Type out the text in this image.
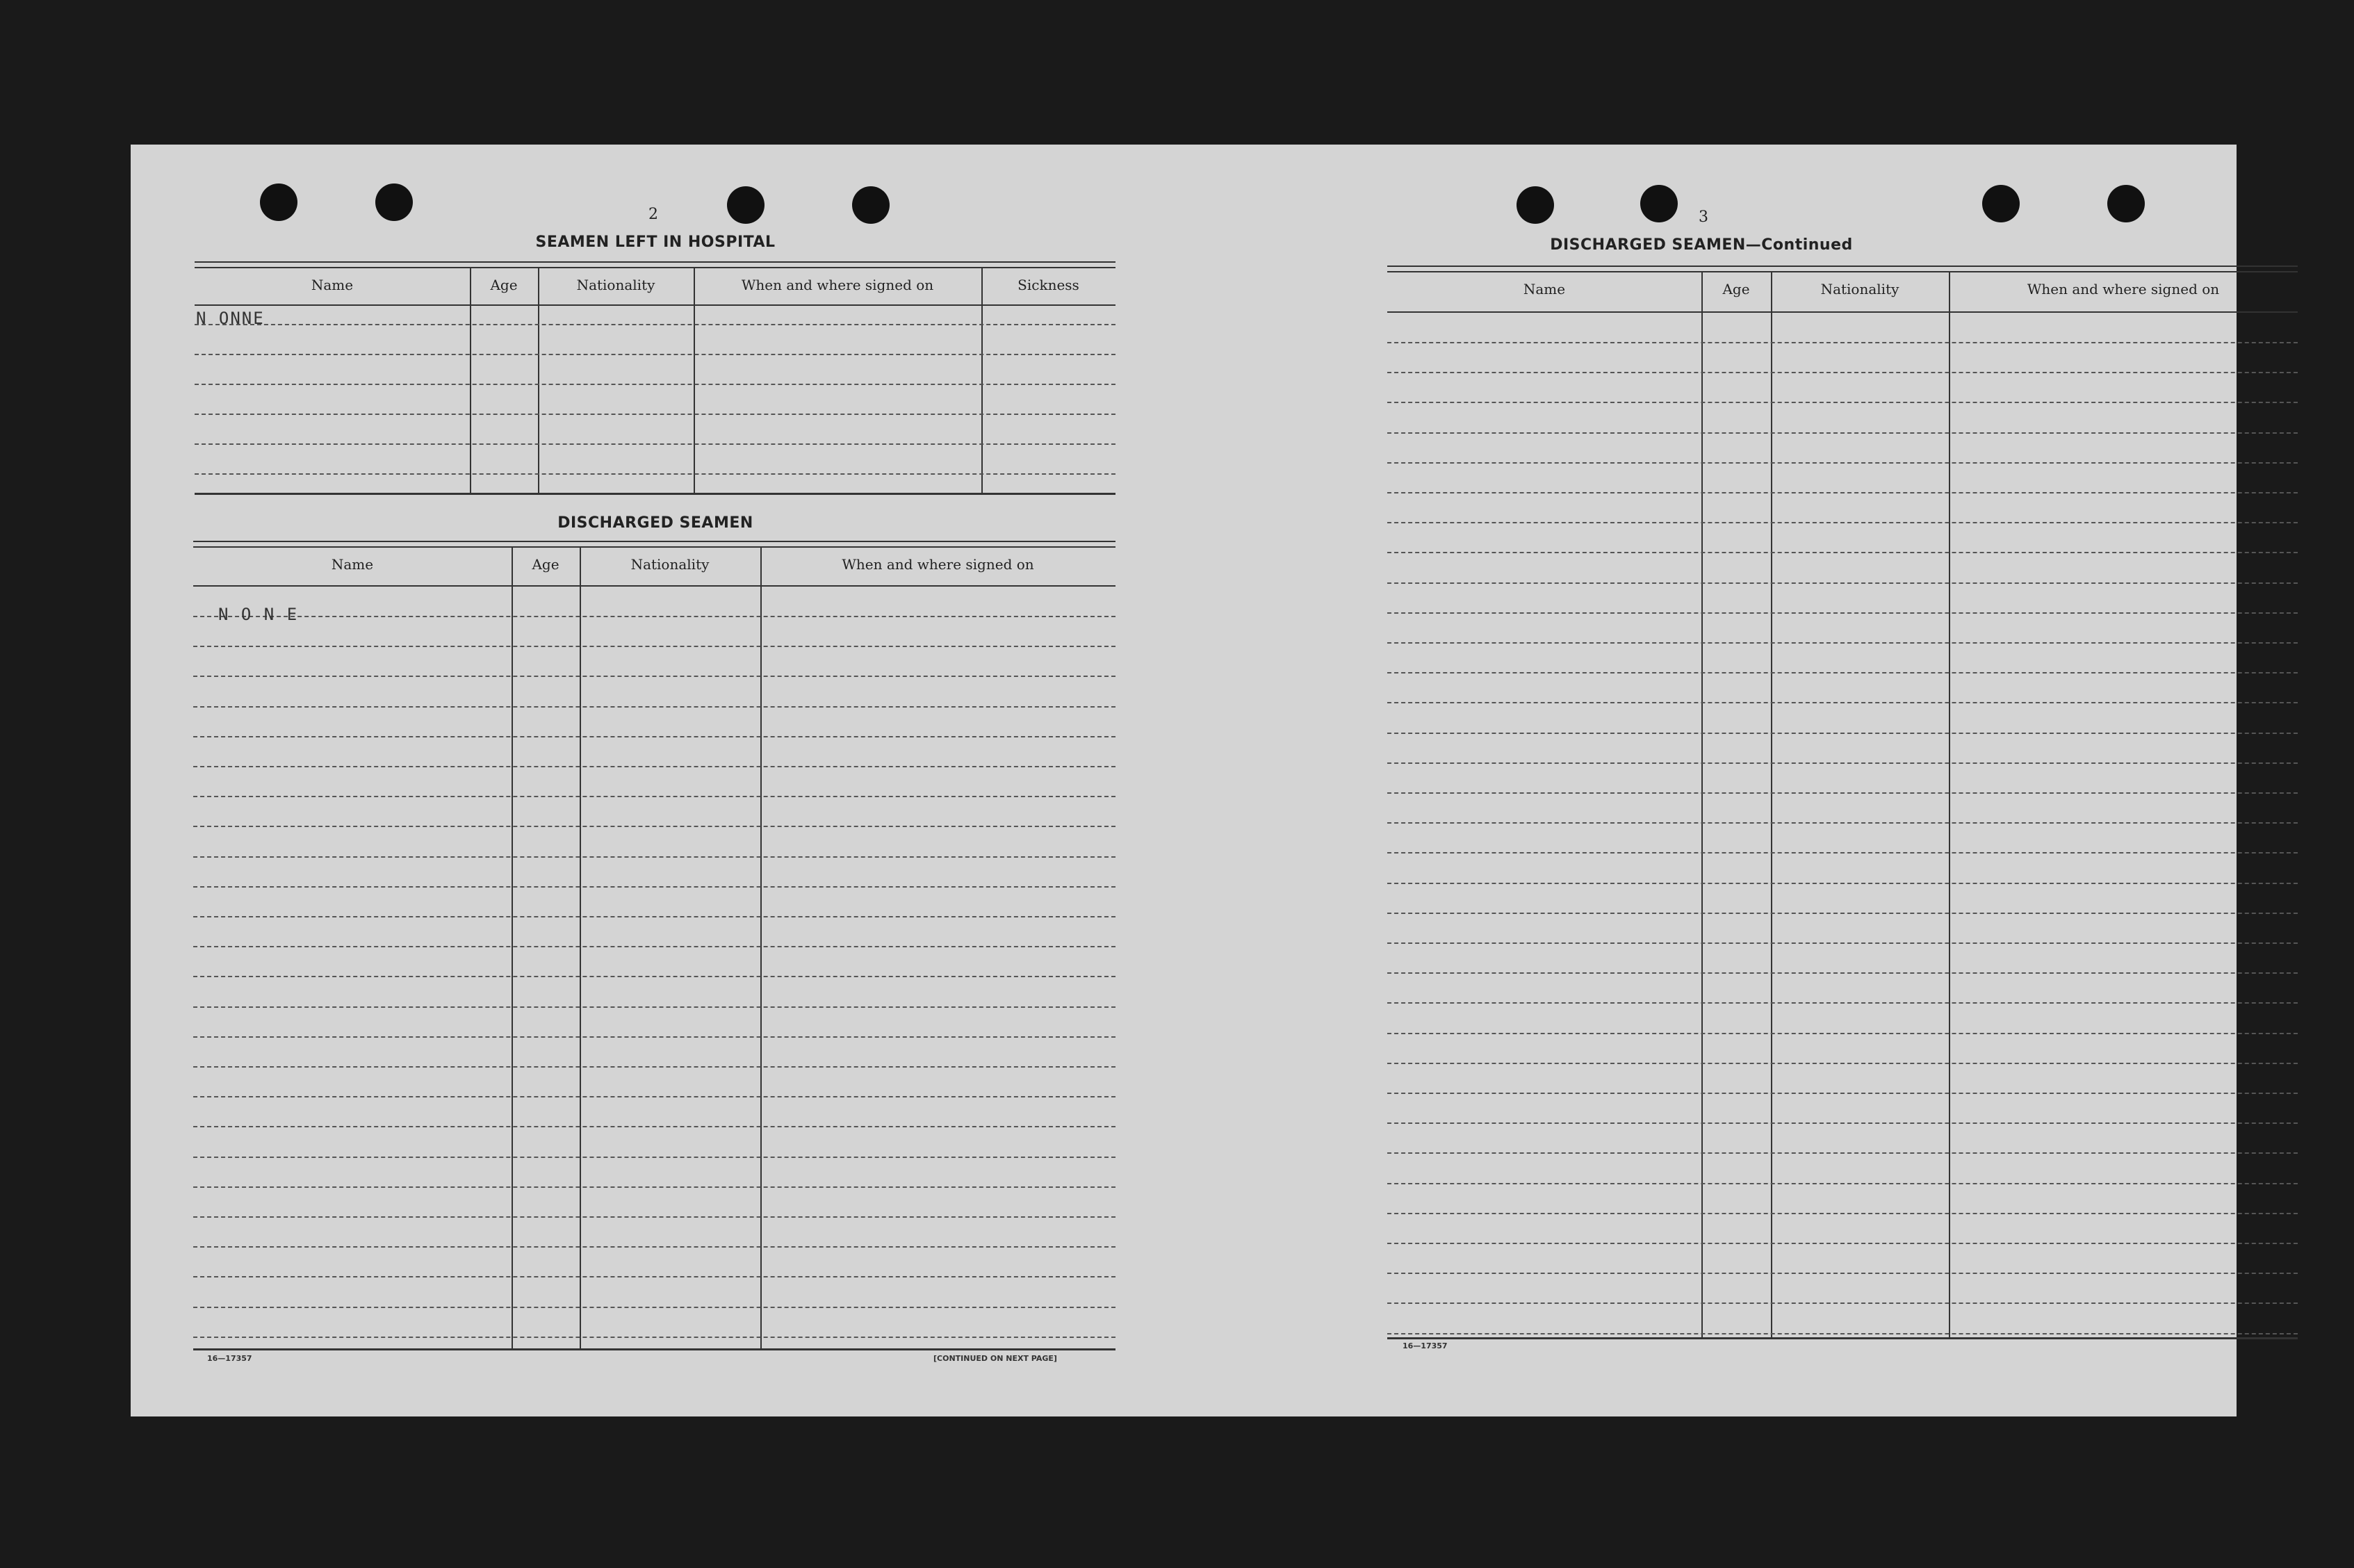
2
SEAMEN LEFT IN HOSPITAL
Name	Age	Nationality	When and where signed on	Sickness
N ONNE
DISCHARGED SEAMEN
Name	Age	Nationality	When and where signed on
N O N E
16—17357	[CONTINUED ON NEXT PAGE]
3
DISCHARGED SEAMEN—Continued
Name	Age	Nationality	When and where signed on
16—17357
